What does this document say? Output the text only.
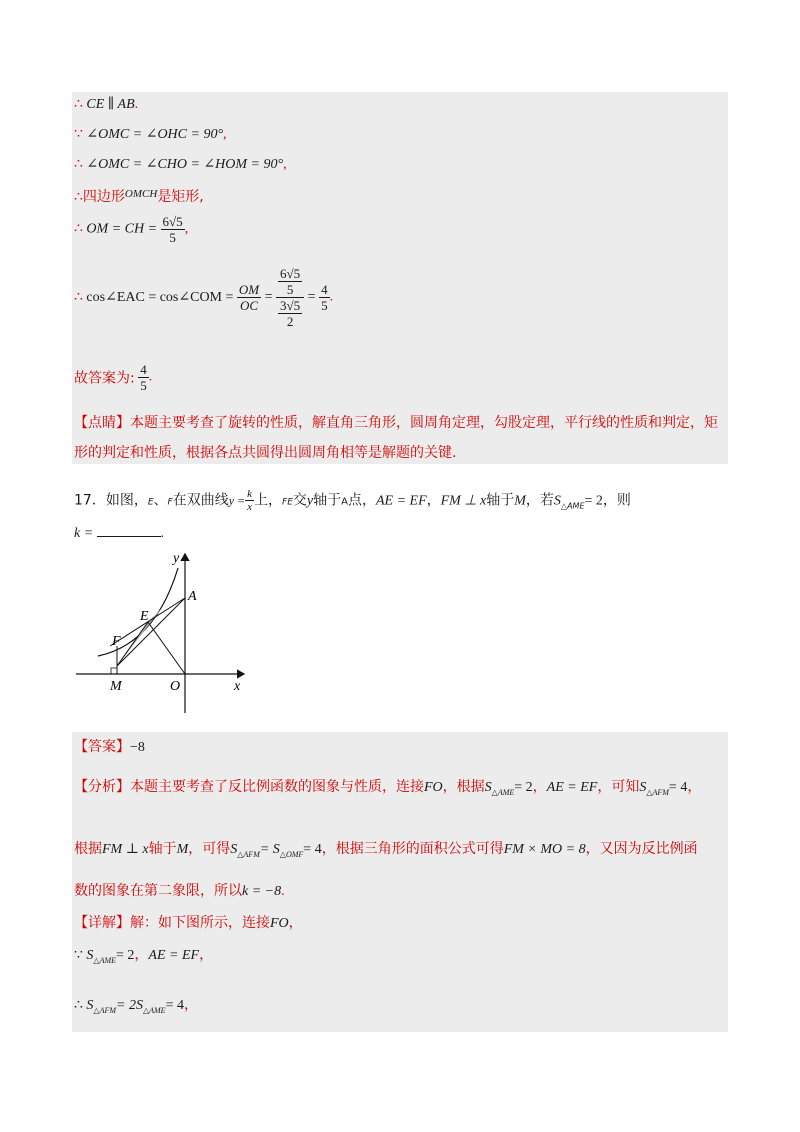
∴ CE ∥ AB.
∵ ∠OMC = ∠OHC = 90°,
∴ ∠OMC = ∠CHO = ∠HOM = 90°,
∴四边形$^{OMCH}$是矩形,
∴ OM = CH = $\frac{6√5}{5}$ ,
∴ cos∠EAC = cos∠COM = $\frac{OM}{OC} = \frac{\frac{6√5}{5}}{\frac{3√5}{2}} = \frac{4}{5}$ .
故答案为: $\frac{4}{5}$ .
【点睛】本题主要考查了旋转的性质，解直角三角形，圆周角定理，勾股定理，平行线的性质和判定，矩
形的判定和性质，根据各点共圆得出圆周角相等是解题的关键.
17．如图，E、F在双曲线$y = \frac{k}{x}$ 上，FE交y轴于A点，AE = EF，FM ⊥ x轴于M，若$S_{\triangle AME}= 2$，则
k =	.
y
x
A
E
F
M	O
【答案】−8
【分析】本题主要考查了反比例函数的图象与性质，连接FO，根据$S_{\triangle AME}= 2$，AE = EF，可知$S_{\triangle AFM}= 4$，
根据FM ⊥ x轴于M，可得$S_{\triangle AFM}= S_{\triangle OMF}= 4$，根据三角形的面积公式可得FM × MO = 8，又因为反比例函
数的图象在第二象限，所以k = −8.
【详解】解：如下图所示，连接FO，
∵ $S_{\triangle AME}= 2$，AE = EF，
∴ $S_{\triangle AFM}= 2S_{\triangle AME}= 4$，
